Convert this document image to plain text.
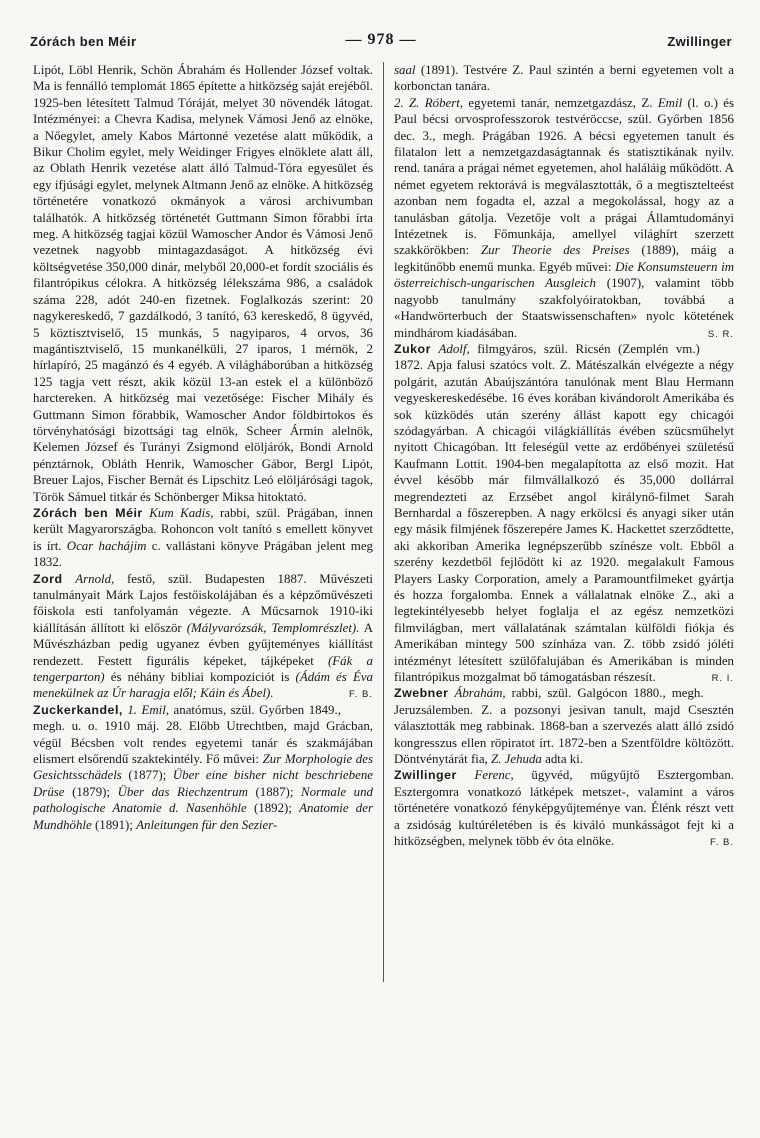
Zórách ben Méir	— 978 —	Zwillinger

Lipót, Löbl Henrik, Schön Ábrahám és Hollender József voltak. Ma is fennálló templomát 1865 építette a hitközség saját erejéből. 1925-ben létesített Talmud Tóráját, melyet 30 növendék látogat. Intézményei: a Chevra Kadisa, melynek Vámosi Jenő az elnöke, a Nőegylet, amely Kabos Mártonné vezetése alatt működik, a Bikur Cholim egylet, mely Weidinger Frigyes elnöklete alatt áll, az Oblath Henrik vezetése alatt álló Talmud-Tóra egyesület és egy ifjúsági egylet, melynek Altmann Jenő az elnöke. A hitközség történetére vonatkozó okmányok a városi archivumban találhatók. A hitközség történetét Guttmann Simon főrabbi írta meg. A hitközség tagjai közül Wamoscher Andor és Vámosi Jenő vezetnek nagyobb mintagazdaságot. A hitközség évi költségvetése 350,000 dinár, melyből 20,000-et fordít szociális és filantrópikus célokra. A hitközség lélekszáma 986, a családok száma 228, adót 240-en fizetnek. Foglalkozás szerint: 20 nagykereskedő, 7 gazdálkodó, 3 tanító, 63 kereskedő, 8 ügyvéd, 5 köztisztviselő, 15 munkás, 5 nagyiparos, 4 orvos, 36 magántisztviselő, 15 munkanélküli, 27 iparos, 1 mérnök, 2 hírlapíró, 25 magánzó és 4 egyéb. A világháborúban a hitközség 125 tagja vett részt, akik közül 13-an estek el a különböző harctereken. A hitközség mai vezetősége: Fischer Mihály és Guttmann Simon főrabbik, Wamoscher Andor földbirtokos és törvényhatósági bizottsági tag elnök, Scheer Ármin alelnök, Kelemen József és Turányi Zsigmond elöljárók, Bondi Arnold pénztárnok, Obláth Henrik, Wamoscher Gábor, Bergl Lipót, Breuer Lajos, Fischer Bernát és Lipschitz Leó elöljárósági tagok, Török Sámuel titkár és Schönberger Miksa hitoktató.

Zórách ben Méir Kum Kadis, rabbi, szül. Prágában, innen került Magyarországba. Rohoncon volt tanító s emellett könyvet is írt. Ocar hachájim c. vallástani könyve Prágában jelent meg 1832.

Zord Arnold, festő, szül. Budapesten 1887. Művészeti tanulmányait Márk Lajos festőiskolájában és a képzőművészeti főiskola esti tanfolyamán végezte. A Műcsarnok 1910-iki kiállításán állított ki először (Mályvarózsák, Templomrészlet). A Művészházban pedig ugyanez évben gyűjteményes kiállítást rendezett. Festett figurális képeket, tájképeket (Fák a tengerparton) és néhány bibliai kompoziciót is (Ádám és Éva menekülnek az Úr haragja elől; Káin és Ábel).	F. B.

Zuckerkandel, 1. Emil, anatómus, szül. Győrben 1849., megh. u. o. 1910 máj. 28. Előbb Utrechtben, majd Grácban, végül Bécsben volt rendes egyetemi tanár és szakmájában elismert elsőrendű szaktekintély. Fő művei: Zur Morphologie des Gesichtsschädels (1877); Über eine bisher nicht beschriebene Drüse (1879); Über das Riechzentrum (1887); Normale und pathologische Anatomie d. Nasenhöhle (1892); Anatomie der Mundhöhle (1891); Anleitungen für den Sezier-

saal (1891). Testvére Z. Paul szintén a berni egyetemen volt a korbonctan tanára.

2. Z. Róbert, egyetemi tanár, nemzetgazdász, Z. Emil (l. o.) és Paul bécsi orvosprofesszorok testvéröccse, szül. Győrben 1856 dec. 3., megh. Prágában 1926. A bécsi egyetemen tanult és filatalon lett a nemzetgazdaságtannak és statisztikának nyilv. rend. tanára a prágai német egyetemen, ahol haláláig működött. A német egyetem rektorává is megválasztották, ő a megtisztelteést azonban nem fogadta el, azzal a megokolással, hogy az a tanulásban gátolja. Vezetője volt a prágai Államtudományi Intézetnek is. Főmunkája, amellyel világhírt szerzett szakkörökben: Zur Theorie des Preises (1889), máig a legkitűnőbb enemű munka. Egyéb művei: Die Konsumsteuern im österreichisch-ungarischen Ausgleich (1907), valamint több nagyobb tanulmány szakfolyóiratokban, továbbá a «Handwörterbuch der Staatswissenschaften» nyolc kötetének mindhárom kiadásában.	S. R.

Zukor Adolf, filmgyáros, szül. Ricsén (Zemplén vm.) 1872. Apja falusi szatócs volt. Z. Mátészalkán elvégezte a négy polgárit, azután Abaújszántóra tanulónak ment Blau Hermann vegyeskereskedésébe. 16 éves korában kivándorolt Amerikába és sok küzködés után szerény állást kapott egy chicagói szódagyárban. A chicagói világkiállítás évében szücsműhelyt nyitott Chicagóban. Itt feleségül vette az erdőbényei születésű Kaufmann Lottit. 1904-ben megalapította az első mozit. Hat évvel később már filmvállalkozó és 35,000 dollárral megrendezteti az Erzsébet angol királynő-filmet Sarah Bernhardal a főszerepben. A nagy erkölcsi és anyagi siker után egy másik filmjének főszerepére James K. Hackettet szerződtette, aki akkoriban Amerika legnépszerűbb színésze volt. Ebből a szerény kezdetből fejlődött ki az 1920. megalakult Famous Players Lasky Corporation, amely a Paramountfilmeket gyártja és hozza forgalomba. Ennek a vállalatnak elnöke Z., aki a legtekintélyesebb helyet foglalja el az egész nemzetközi filmvilágban, mert vállalatának számtalan külföldi fiókja és Amerikában mintegy 500 színháza van. Z. több zsidó jóléti intézményt létesített szülőfalujában és Amerikában is minden filantrópikus mozgalmat bő támogatásban részesít.	R. I.

Zwebner Ábrahám, rabbi, szül. Galgócon 1880., megh. Jeruzsálemben. Z. a pozsonyi jesivan tanult, majd Csesztén választották meg rabbinak. 1868-ban a szervezés alatt álló zsidó kongresszus ellen röpiratot írt. 1872-ben a Szentföldre költözött. Döntvénytárát fia, Z. Jehuda adta ki.

Zwillinger Ferenc, ügyvéd, műgyűjtő Esztergomban. Esztergomra vonatkozó látképek metszet-, valamint a város történetére vonatkozó fényképgyűjteménye van. Élénk részt vett a zsidóság kultúréletében is és kiváló munkásságot fejt ki a hitközségben, melynek több év óta elnöke.	F. B.
